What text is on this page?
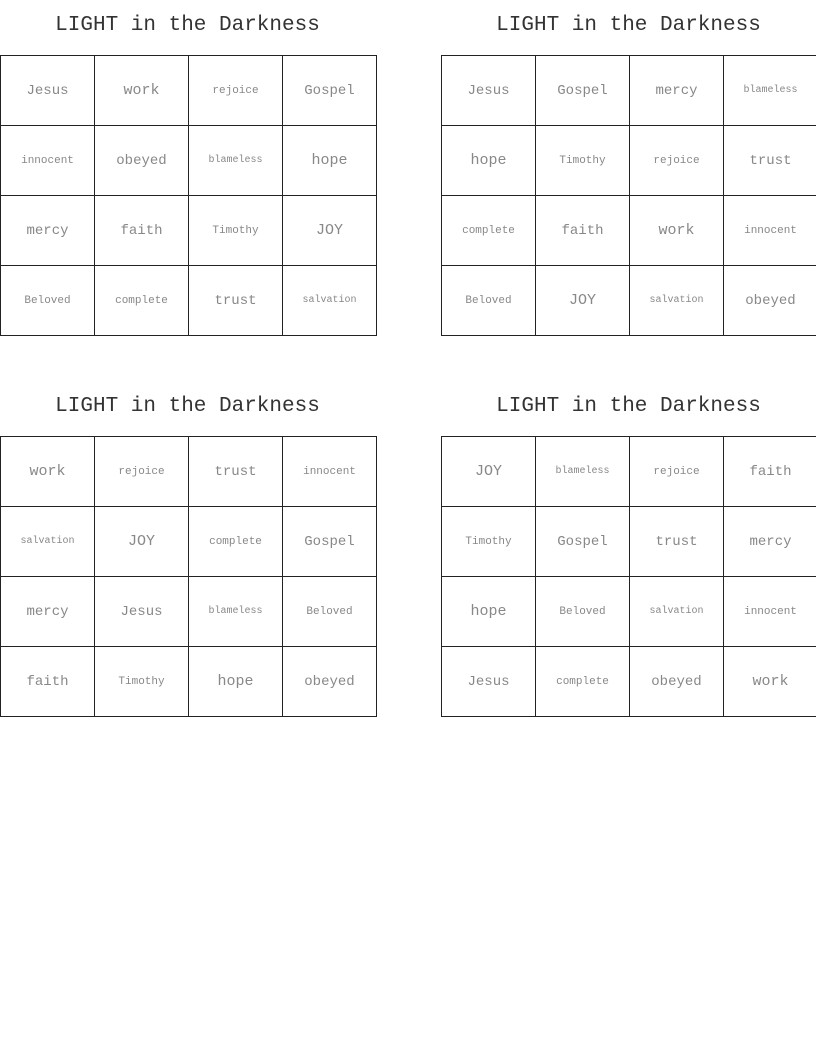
LIGHT in the Darkness
Jesus	work	rejoice	Gospel
innocent	obeyed	blameless	hope
mercy	faith	Timothy	JOY
Beloved	complete	trust	salvation
LIGHT in the Darkness
Jesus	Gospel	mercy	blameless
hope	Timothy	rejoice	trust
complete	faith	work	innocent
Beloved	JOY	salvation	obeyed
LIGHT in the Darkness
work	rejoice	trust	innocent
salvation	JOY	complete	Gospel
mercy	Jesus	blameless	Beloved
faith	Timothy	hope	obeyed
LIGHT in the Darkness
JOY	blameless	rejoice	faith
Timothy	Gospel	trust	mercy
hope	Beloved	salvation	innocent
Jesus	complete	obeyed	work
